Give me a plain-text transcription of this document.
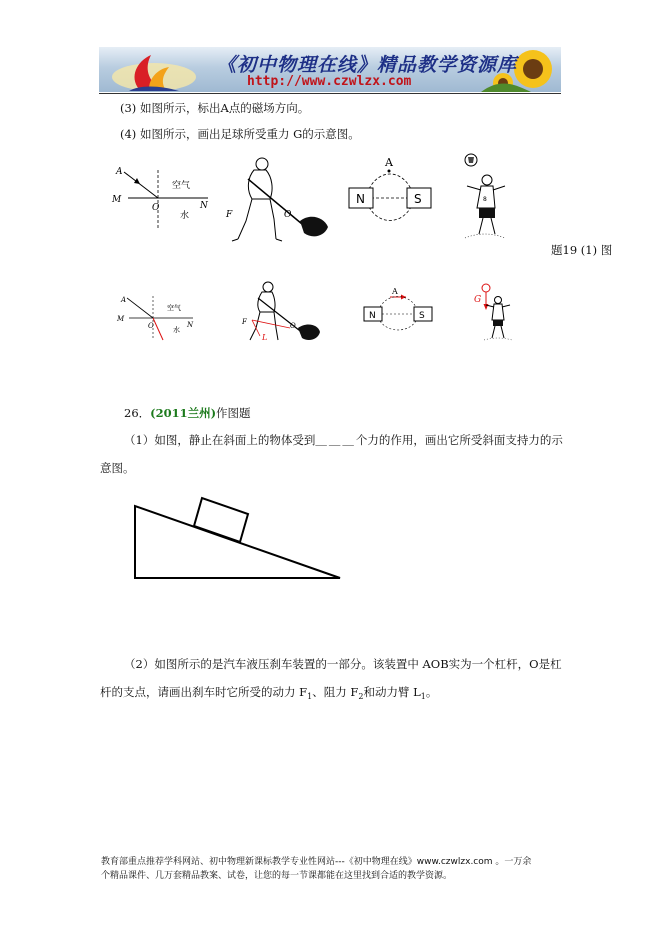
《初中物理在线》精品教学资源库
http://www.czwlzx.com
(3) 如图所示，标出A点的磁场方向。
(4) 如图所示，画出足球所受重力 G的示意图。
A
M
O	N
空气
水	F	O
A
N	S	8
题19 (1) 图
A
M
O	N
空气
水
F	O
L
A
N	S
G
26．(2011兰州)作图题
（1）如图，静止在斜面上的物体受到＿＿＿个力的作用，画出它所受斜面支持力的示
意图。
（2）如图所示的是汽车液压刹车装置的一部分。该装置中 AOB实为一个杠杆，O是杠
杆的支点，请画出刹车时它所受的动力 $F_1$、阻力 $F_2$和动力臂 $L_1$。
教育部重点推荐学科网站、初中物理新课标教学专业性网站---《初中物理在线》www.czwlzx.com 。一万余
个精品课件、几万套精品教案、试卷，让您的每一节课都能在这里找到合适的教学资源。
